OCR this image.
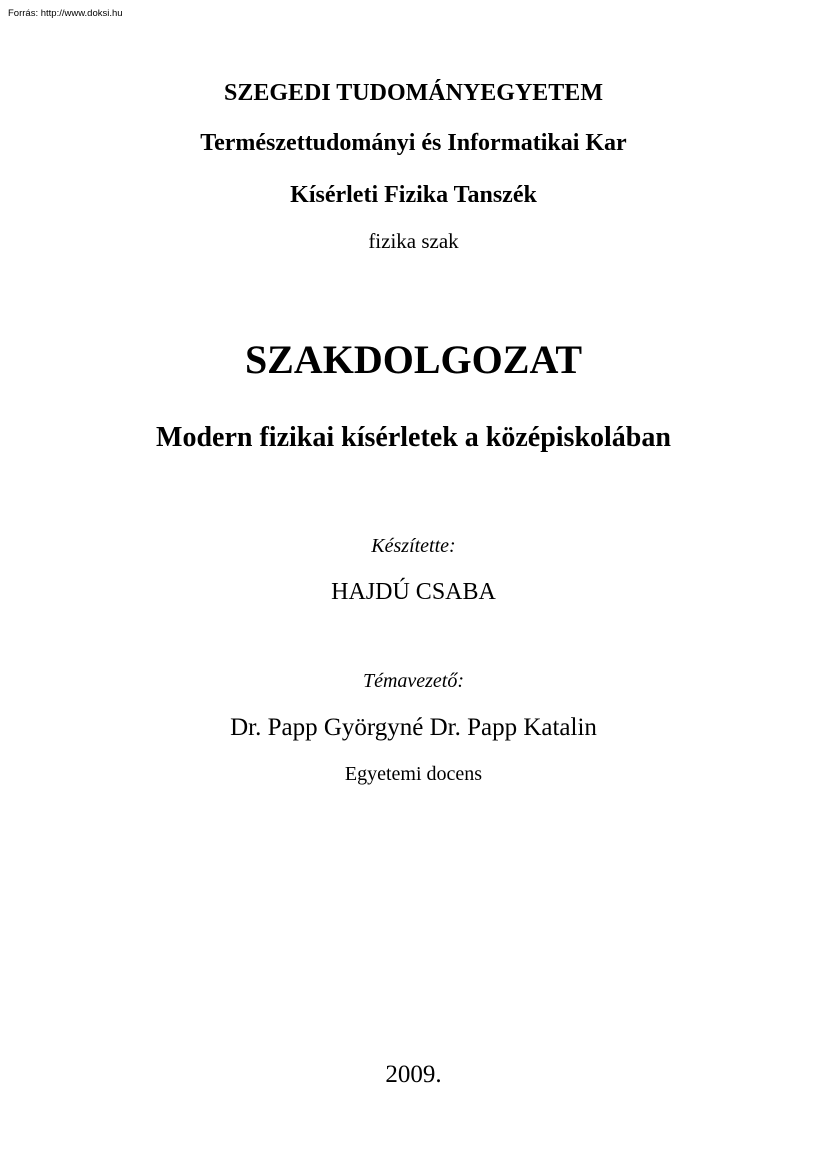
Forrás: http://www.doksi.hu
SZEGEDI TUDOMÁNYEGYETEM
Természettudományi és Informatikai Kar
Kísérleti Fizika Tanszék
fizika szak
SZAKDOLGOZAT
Modern fizikai kísérletek a középiskolában
Készítette:
HAJDÚ CSABA
Témavezető:
Dr. Papp Györgyné Dr. Papp Katalin
Egyetemi docens
2009.
